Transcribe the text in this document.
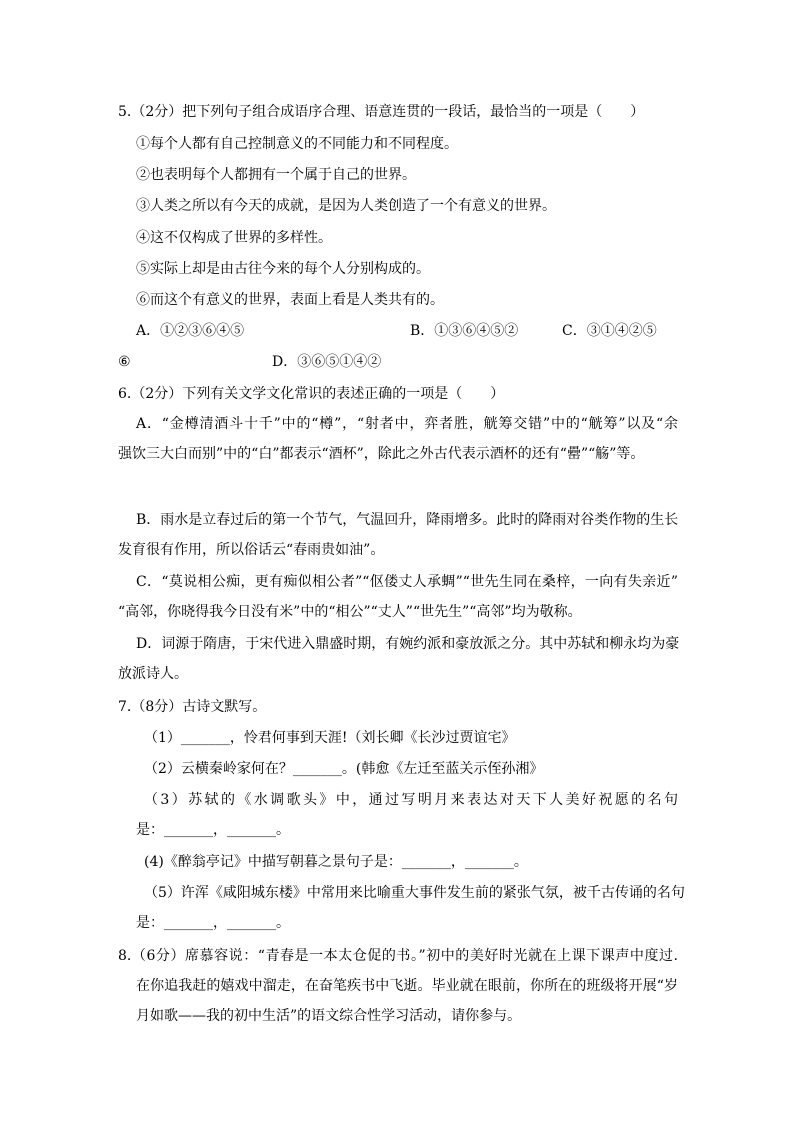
5.（2分）把下列句子组合成语序合理、语意连贯的一段话，最恰当的一项是（　　）
①每个人都有自己控制意义的不同能力和不同程度。
②也表明每个人都拥有一个属于自己的世界。
③人类之所以有今天的成就，是因为人类创造了一个有意义的世界。
④这不仅构成了世界的多样性。
⑤实际上却是由古往今来的每个人分别构成的。
⑥而这个有意义的世界，表面上看是人类共有的。
A．①②③⑥④⑤	B．①③⑥④⑤②	C．③①④②⑤
⑥	D．③⑥⑤①④②
6.（2分）下列有关文学文化常识的表述正确的一项是（　　）
A．“金樽清酒斗十千”中的“樽”，“射者中，弈者胜，觥筹交错”中的“觥筹”以及“余
强饮三大白而别”中的“白”都表示“酒杯”，除此之外古代表示酒杯的还有“罍”“觞”等。
B．雨水是立春过后的第一个节气，气温回升，降雨增多。此时的降雨对谷类作物的生长
发育很有作用，所以俗话云“春雨贵如油”。
C．“莫说相公痴，更有痴似相公者”“伛偻丈人承蜩”“世先生同在桑梓，一向有失亲近”
“高邻，你晓得我今日没有米”中的“相公”“丈人”“世先生”“高邻”均为敬称。
D．词源于隋唐，于宋代进入鼎盛时期，有婉约派和豪放派之分。其中苏轼和柳永均为豪
放派诗人。
7.（8分）古诗文默写。
（1）_______，怜君何事到天涯!（刘长卿《长沙过贾谊宅》
（2）云横秦岭家何在？_______。(韩愈《左迁至蓝关示侄孙湘》
（3）苏轼的《水调歌头》中，通过写明月来表达对天下人美好祝愿的名句
是：_______，_______。
(4)《醉翁亭记》中描写朝暮之景句子是：_______，_______。
（5）许浑《咸阳城东楼》中常用来比喻重大事件发生前的紧张气氛，被千古传诵的名句
是：_______，_______。
8.（6分）席慕容说：“青春是一本太仓促的书。”初中的美好时光就在上课下课声中度过.
在你追我赶的嬉戏中溜走，在奋笔疾书中飞逝。毕业就在眼前，你所在的班级将开展“岁
月如歌——我的初中生活”的语文综合性学习活动，请你参与。
